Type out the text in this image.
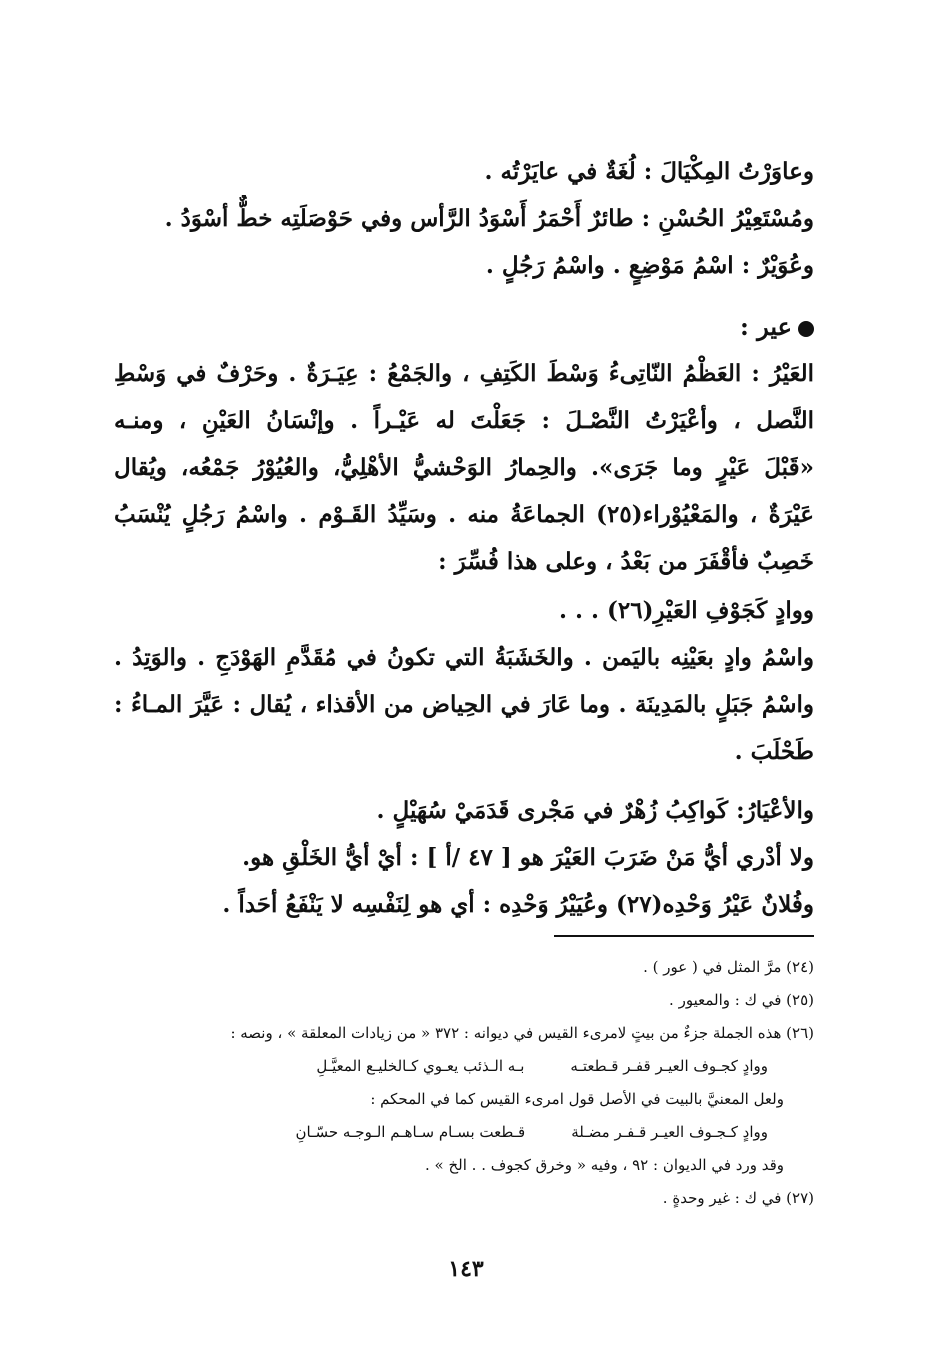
وعاوَرْتُ المِكْيَالَ : لُغَةٌ في عايَرْتُه .
ومُسْتَعِيْرُ الحُسْنِ : طائرٌ أَحْمَرُ أَسْوَدُ الرَّأس وفي حَوْصَلَتِه خطٌّ أسْوَدُ .
وعُوَيْرٌ : اسْمُ مَوْضِعٍ . واسْمُ رَجُلٍ .
عير :
العَيْرُ : العَظْمُ النّاتِىءُ وَسْطَ الكَتِفِ ، والجَمْعُ : عِيَـرَةٌ . وحَرْفٌ في وَسْطِ
النَّصل ، وأعْيَرْتُ النَّصْـلَ : جَعَلْتَ له عَيْـراً . وإنْسَانُ العَيْنِ ، ومنـه
«قَبْلَ عَيْرٍ وما جَرَى». والحِمارُ الوَحْشيُّ الأهْلِيُّ، والعُيُوْرُ جَمْعُه، ويُقال
عَيْرَةٌ ، والمَعْيُوْراء(٢٥) الجماعَةُ منه . وسَيِّدُ القَـوْم . واسْمُ رَجُلٍ يُنْسَبُ
خَصِبٌ فأقْفَرَ من بَعْدُ ، وعلى هذا فُسِّرَ :
ووادٍ كَجَوْفِ العَيْرِ(٢٦) . . .
واسْمُ وادٍ بعَيْنِه باليَمن . والخَشَبَةُ التي تكونُ في مُقَدَّمِ الهَوْدَجِ . والوَتِدُ .
واسْمُ جَبَلٍ بالمَدِينَة . وما عَارَ في الحِياض من الأقذاء ، يُقال : عَيَّرَ المـاءُ :
طَحْلَبَ .
والأعْيَارُ: كَواكِبُ زُهْرٌ في مَجْرى قَدَمَيْ سُهَيْلٍ .
ولا أدْري أيُّ مَنْ ضَرَبَ العَيْرَ هو [ ٤٧ /أ ] : أيْ أيُّ الخَلْقِ هو.
وفُلانٌ عَيْرُ وَحْدِه(٢٧) وعُيَيْرُ وَحْدِه : أي هو لِنَفْسِه لا يَنْفَعُ أحَداً .
(٢٤) مرَّ المثل في ( عور ) .
(٢٥) في ك : والمعيور .
(٢٦) هذه الجملة جزءٌ من بيتٍ لامرىء القيس في ديوانه : ٣٧٢ « من زيادات المعلقة » ، ونصه :
ووادٍ كجـوف العيـر قفـر قـطعتـه
بـه الـذئب يعـوي كـالخليـع المعيَّـلِ
ولعل المعنيَّ بالبيت في الأصل قول امرىء القيس كما في المحكم :
ووادٍ كـجـوف العيـر قـفـر مضـلة
قـطعت بسـام سـاهـم الـوجـه حسّـانِ
وقد ورد في الديوان : ٩٢ ، وفيه « وخرق كجوف . . الخ » .
(٢٧) في ك : غير وحدةٍ .
١٤٣
